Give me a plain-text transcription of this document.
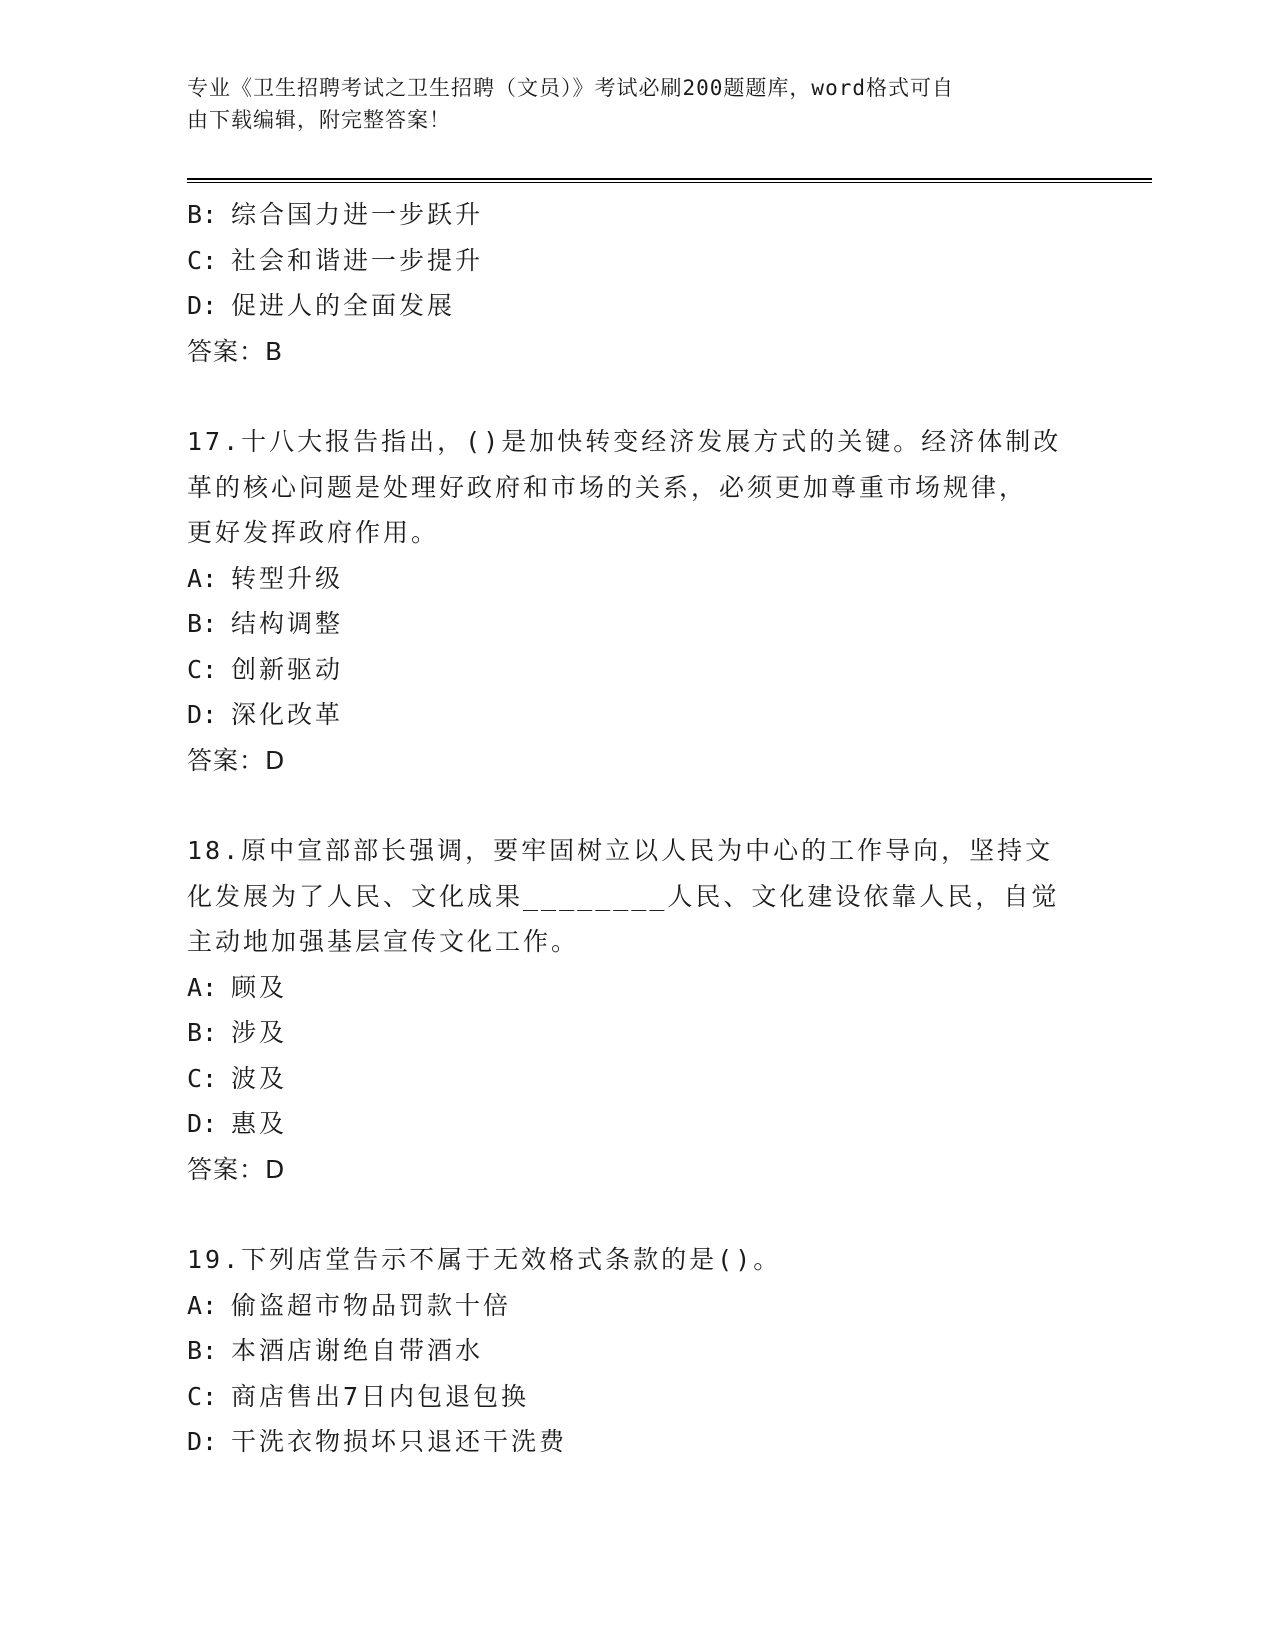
专业《卫生招聘考试之卫生招聘（文员）》考试必刷200题题库，word格式可自
由下载编辑，附完整答案！
B: 综合国力进一步跃升
C: 社会和谐进一步提升
D: 促进人的全面发展
答案：B
17.十八大报告指出，()是加快转变经济发展方式的关键。经济体制改
革的核心问题是处理好政府和市场的关系，必须更加尊重市场规律，
更好发挥政府作用。
A: 转型升级
B: 结构调整
C: 创新驱动
D: 深化改革
答案：D
18.原中宣部部长强调，要牢固树立以人民为中心的工作导向，坚持文
化发展为了人民、文化成果________人民、文化建设依靠人民，自觉
主动地加强基层宣传文化工作。
A: 顾及
B: 涉及
C: 波及
D: 惠及
答案：D
19.下列店堂告示不属于无效格式条款的是()。
A: 偷盗超市物品罚款十倍
B: 本酒店谢绝自带酒水
C: 商店售出7日内包退包换
D: 干洗衣物损坏只退还干洗费
